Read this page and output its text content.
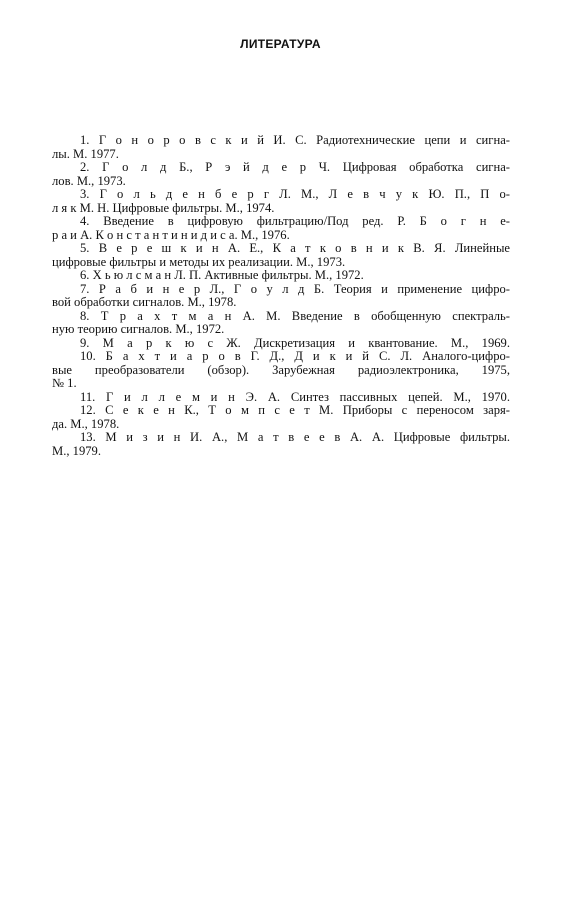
ЛИТЕРАТУРА
1. Г о н о р о в с к и й И. С. Радиотехнические цепи и сигна-
лы. М. 1977.
2. Г о л д Б., Р э й д е р Ч. Цифровая обработка сигна-
лов. М., 1973.
3. Г о л ь д е н б е р г Л. М., Л е в ч у к Ю. П., П о-
л я к М. Н. Цифровые фильтры. М., 1974.
4. Введение в цифровую фильтрацию/Под ред. Р. Б о г н е-
р а и А. К о н с т а н т и н и д и с а. М., 1976.
5. В е р е ш к и н А. Е., К а т к о в н и к В. Я. Линейные
цифровые фильтры и методы их реализации. М., 1973.
6. Х ь ю л с м а н Л. П. Активные фильтры. М., 1972.
7. Р а б и н е р Л., Г о у л д Б. Теория и применение цифро-
вой обработки сигналов. М., 1978.
8. Т р а х т м а н А. М. Введение в обобщенную спектраль-
ную теорию сигналов. М., 1972.
9. М а р к ю с Ж. Дискретизация и квантование. М., 1969.
10. Б а х т и а р о в Г. Д., Д и к и й С. Л. Аналого-цифро-
вые преобразователи (обзор). Зарубежная радиоэлектроника, 1975,
№ 1.
11. Г и л л е м и н Э. А. Синтез пассивных цепей. М., 1970.
12. С е к е н К., Т о м п с е т М. Приборы с переносом заря-
да. М., 1978.
13. М и з и н И. А., М а т в е е в А. А. Цифровые фильтры.
М., 1979.
